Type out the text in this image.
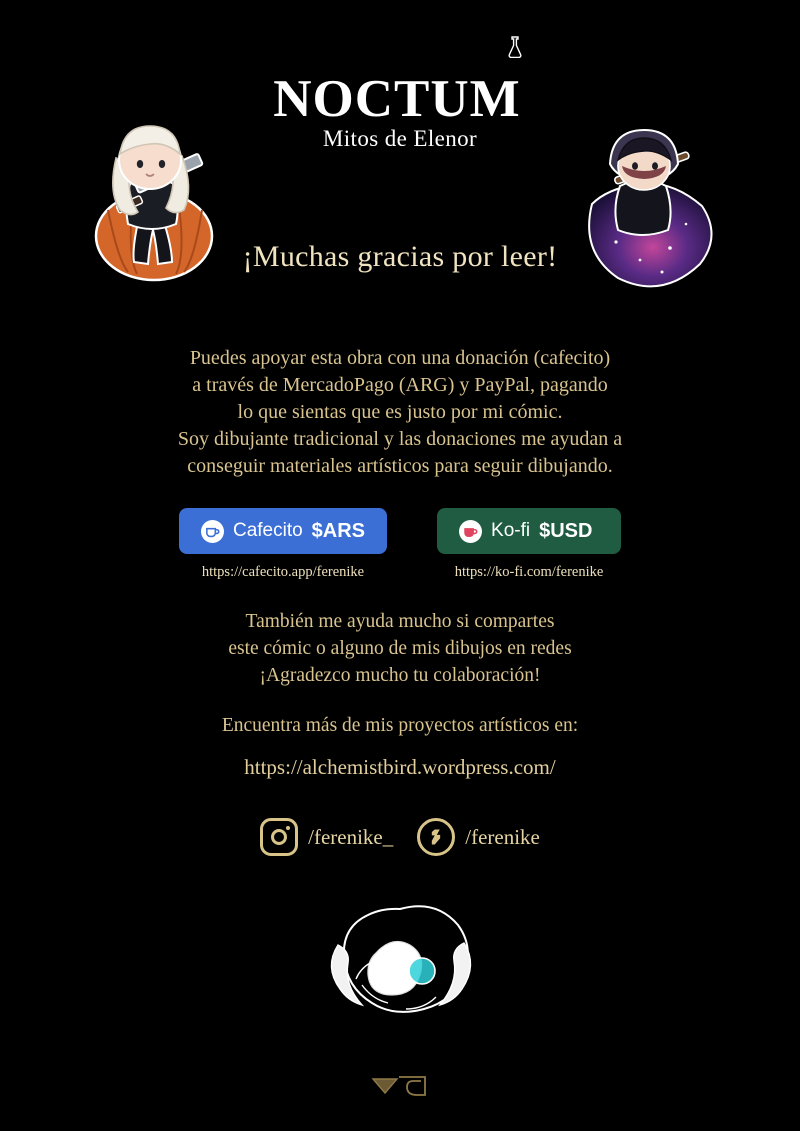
noctum
Mitos de Elenor
¡Muchas gracias por leer!
Puedes apoyar esta obra con una donación (cafecito)
a través de MercadoPago (ARG) y PayPal, pagando
lo que sientas que es justo por mi cómic.
Soy dibujante tradicional y las donaciones me ayudan a
conseguir materiales artísticos para seguir dibujando.
Cafecito $ARS
https://cafecito.app/ferenike
Ko-fi $USD
https://ko-fi.com/ferenike
También me ayuda mucho si compartes
este cómic o alguno de mis dibujos en redes
¡Agradezco mucho tu colaboración!
Encuentra más de mis proyectos artísticos en:
https://alchemistbird.wordpress.com/
/ferenike_	/ferenike
